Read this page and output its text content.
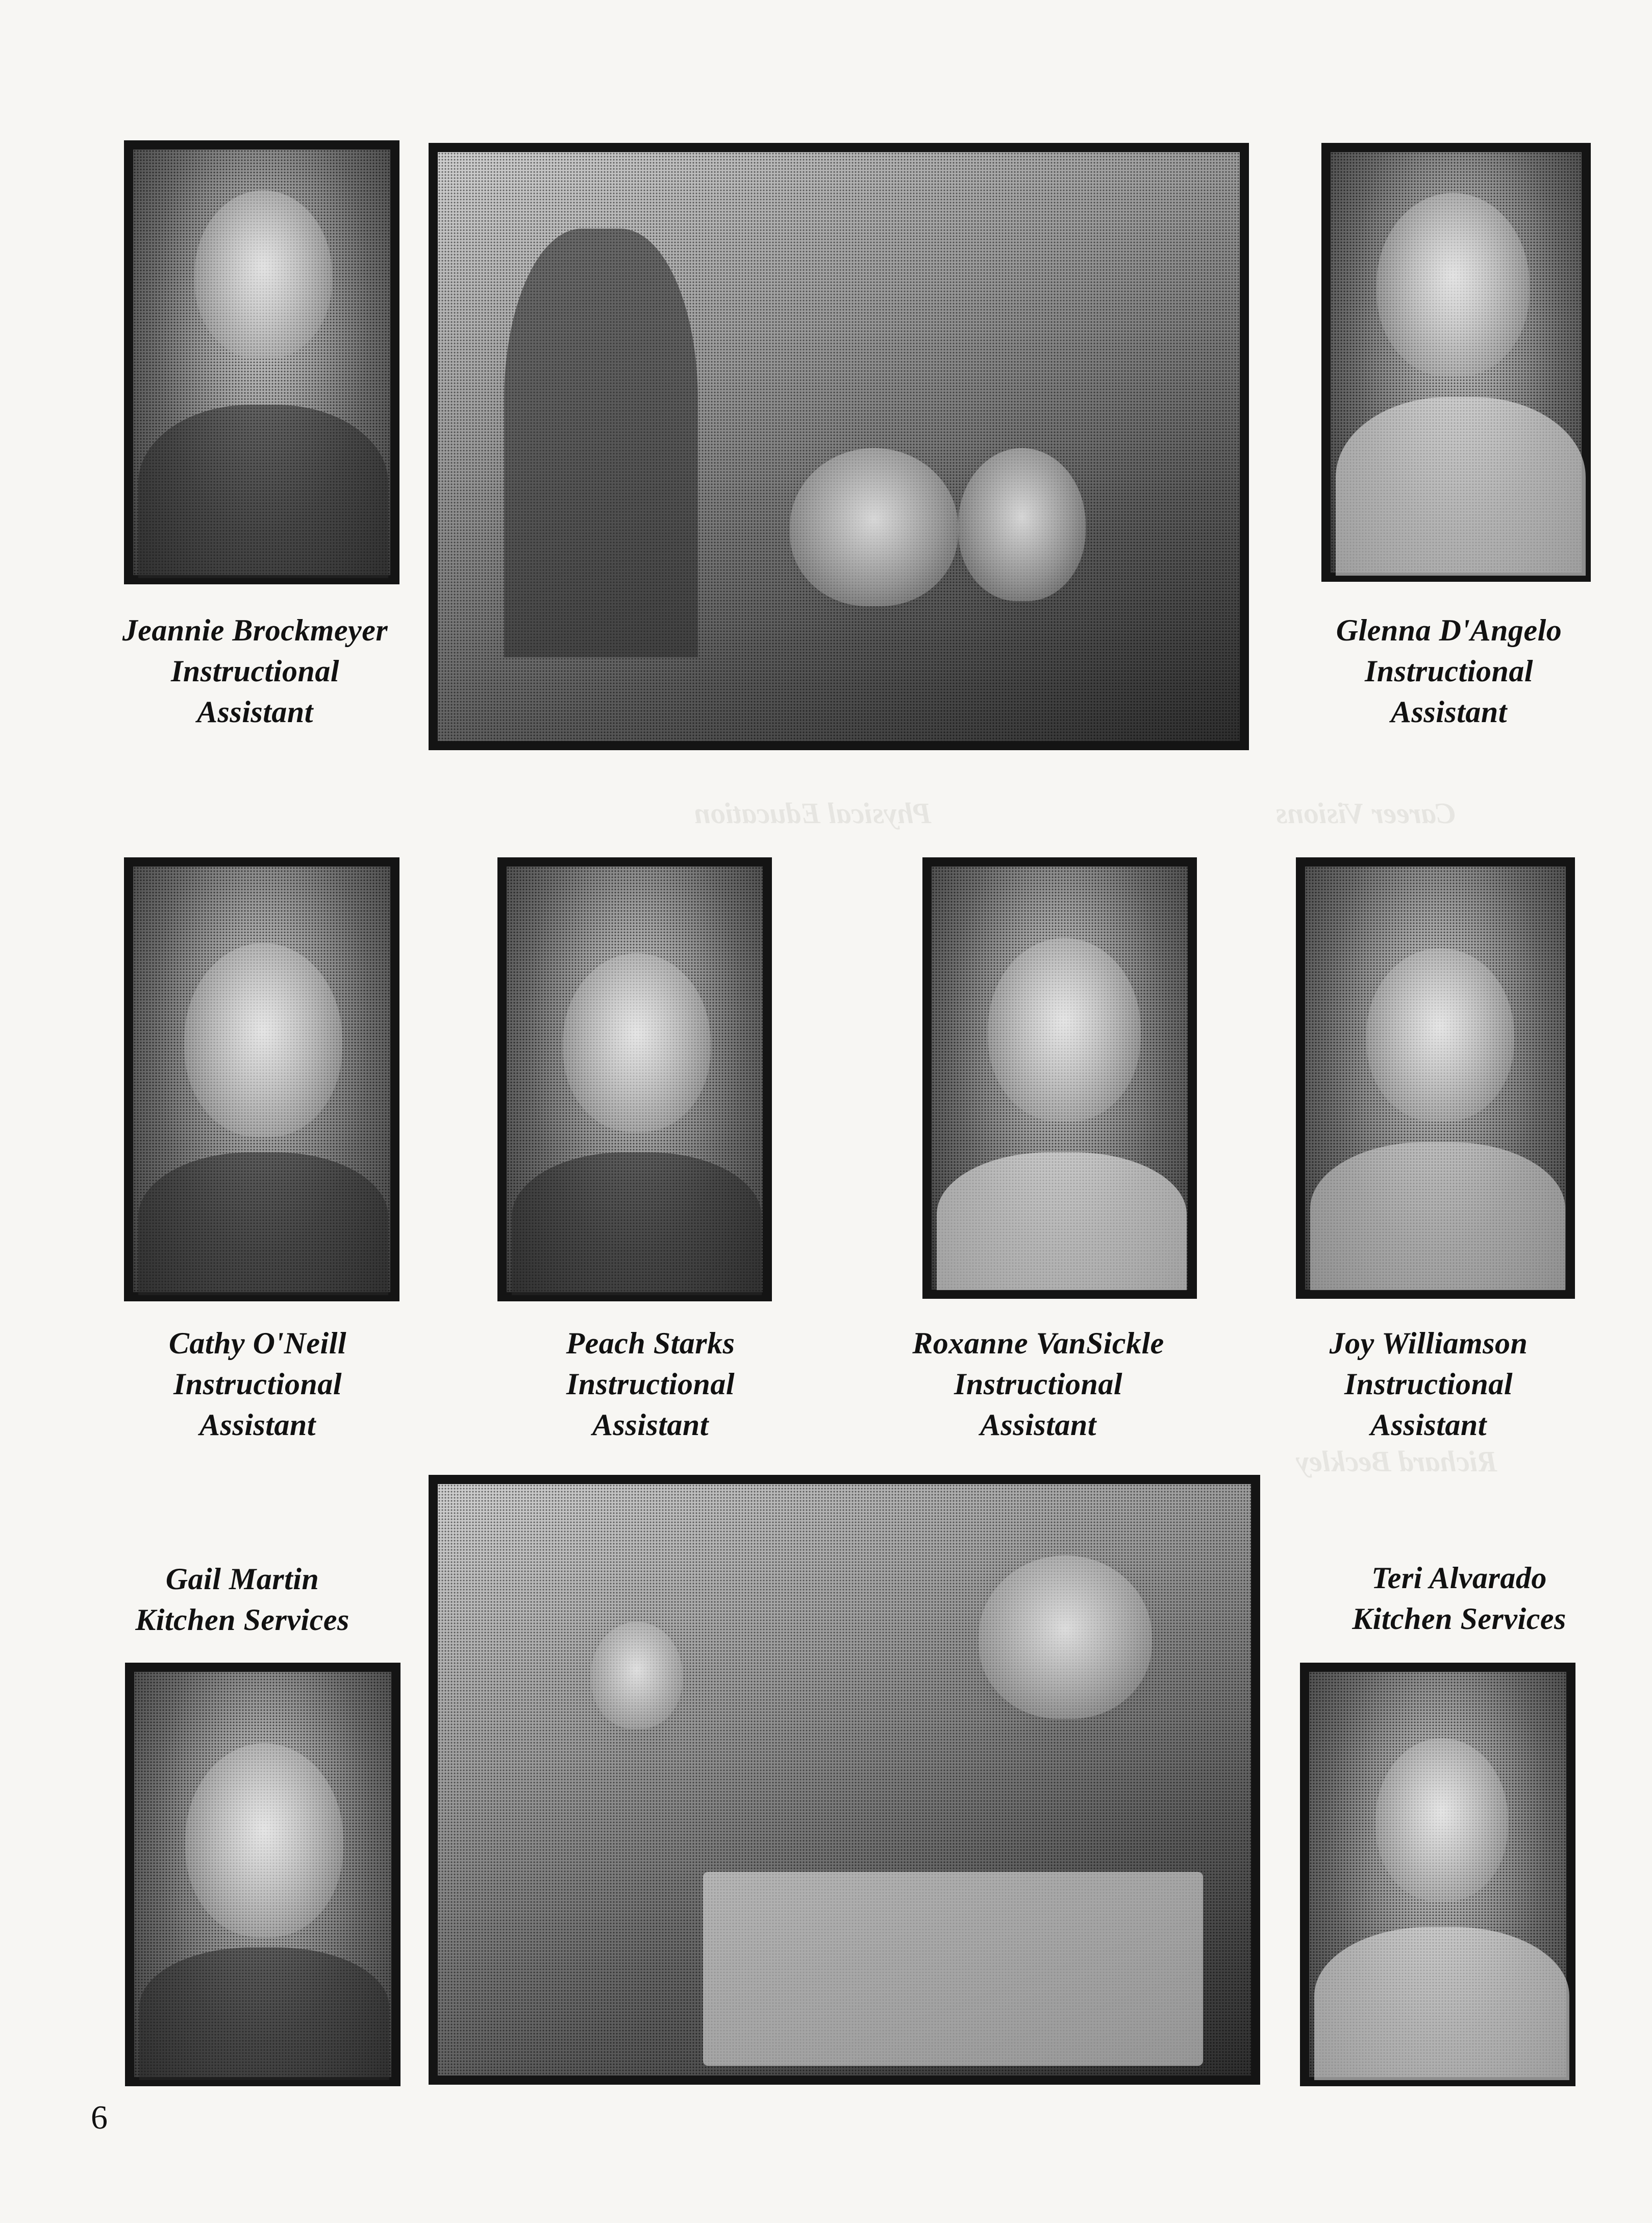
Physical Education	Career Visions
Richard Beckley
Jeannie Brockmeyer
Instructional
Assistant
Glenna D'Angelo
Instructional
Assistant
Cathy O'Neill
Instructional
Assistant
Peach Starks
Instructional
Assistant
Roxanne VanSickle
Instructional
Assistant
Joy Williamson
Instructional
Assistant
Gail Martin
Kitchen Services
Teri Alvarado
Kitchen Services
6
